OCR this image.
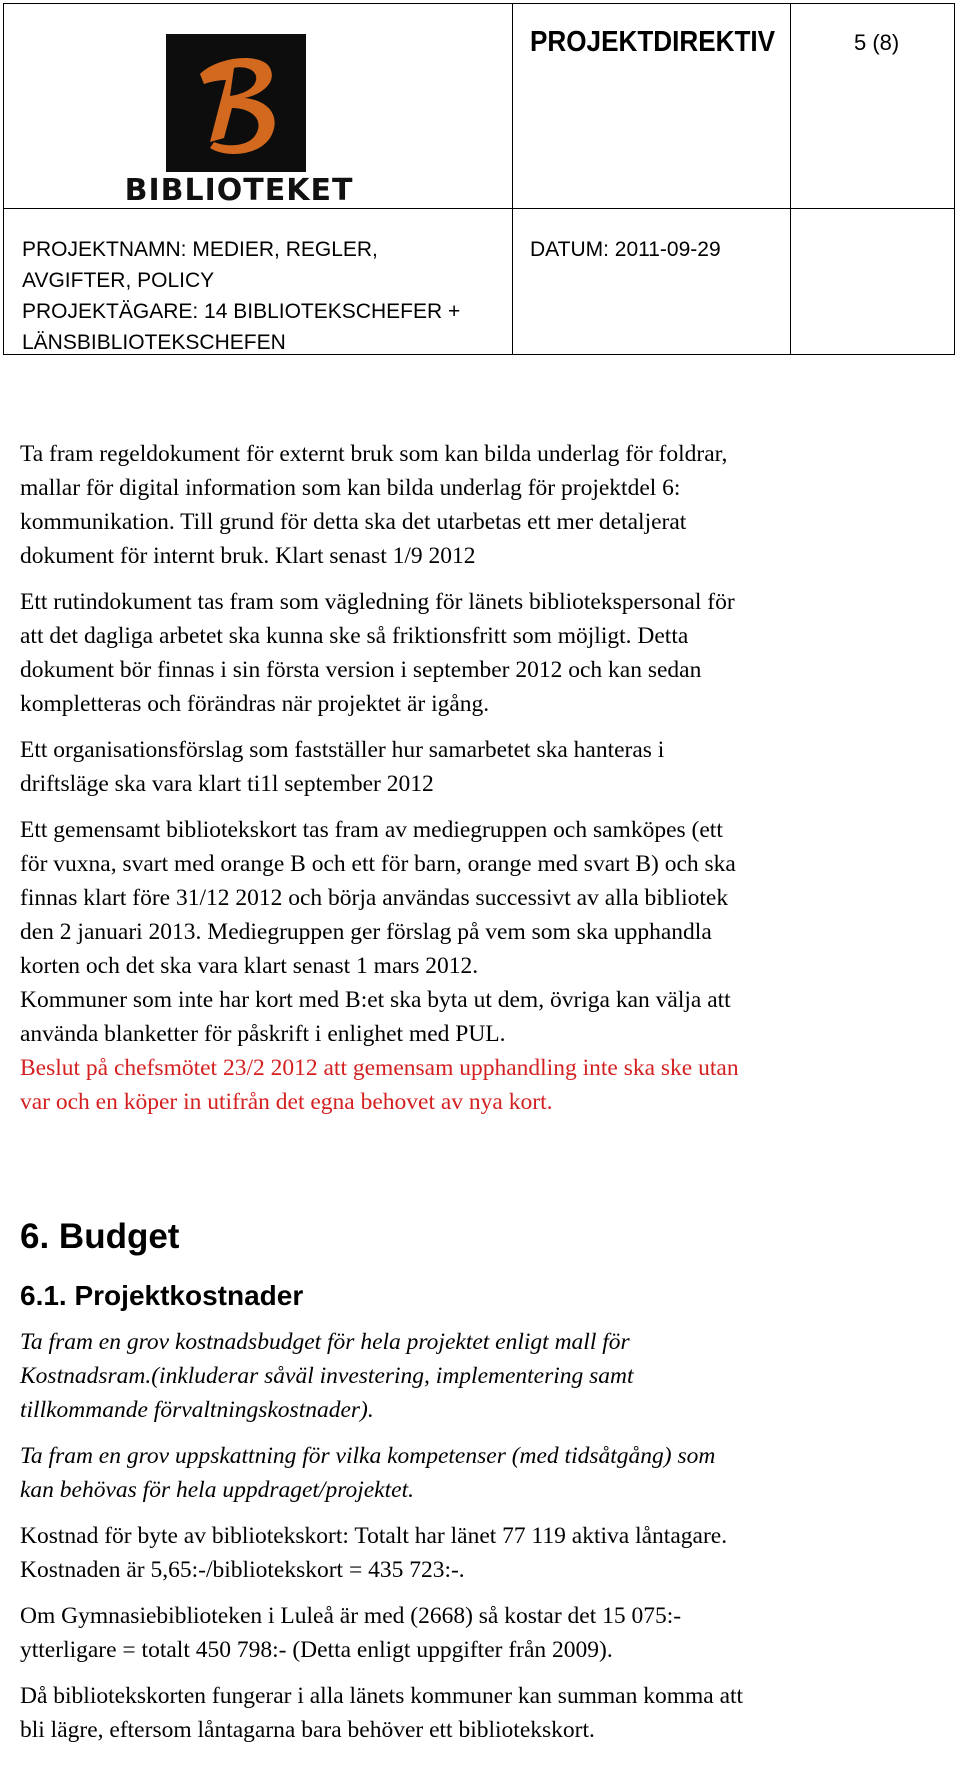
BIBLIOTEKET
PROJEKTDIREKTIV	5 (8)
PROJEKTNAMN: MEDIER, REGLER,
AVGIFTER, POLICY
PROJEKTÄGARE: 14 BIBLIOTEKSCHEFER +
LÄNSBIBLIOTEKSCHEFEN
DATUM: 2011-09-29

Ta fram regeldokument för externt bruk som kan bilda underlag för foldrar,
mallar för digital information som kan bilda underlag för projektdel 6:
kommunikation. Till grund för detta ska det utarbetas ett mer detaljerat
dokument för internt bruk. Klart senast 1/9 2012

Ett rutindokument tas fram som vägledning för länets bibliotekspersonal för
att det dagliga arbetet ska kunna ske så friktionsfritt som möjligt. Detta
dokument bör finnas i sin första version i september 2012 och kan sedan
kompletteras och förändras när projektet är igång.

Ett organisationsförslag som fastställer hur samarbetet ska hanteras i
driftsläge ska vara klart ti1l september 2012

Ett gemensamt bibliotekskort tas fram av mediegruppen och samköpes (ett
för vuxna, svart med orange B och ett för barn, orange med svart B) och ska
finnas klart före 31/12 2012 och börja användas successivt av alla bibliotek
den 2 januari 2013. Mediegruppen ger förslag på vem som ska upphandla
korten och det ska vara klart senast 1 mars 2012.

Kommuner som inte har kort med B:et ska byta ut dem, övriga kan välja att
använda blanketter för påskrift i enlighet med PUL.

Beslut på chefsmötet 23/2 2012 att gemensam upphandling inte ska ske utan
var och en köper in utifrån det egna behovet av nya kort.

6. Budget
6.1. Projektkostnader

Ta fram en grov kostnadsbudget för hela projektet enligt mall för
Kostnadsram.(inkluderar såväl investering, implementering samt
tillkommande förvaltningskostnader).

Ta fram en grov uppskattning för vilka kompetenser (med tidsåtgång) som
kan behövas för hela uppdraget/projektet.

Kostnad för byte av bibliotekskort: Totalt har länet 77 119 aktiva låntagare.
Kostnaden är 5,65:-/bibliotekskort = 435 723:-.

Om Gymnasiebiblioteken i Luleå är med (2668) så kostar det 15 075:-
ytterligare = totalt 450 798:- (Detta enligt uppgifter från 2009).

Då bibliotekskorten fungerar i alla länets kommuner kan summan komma att
bli lägre, eftersom låntagarna bara behöver ett bibliotekskort.
